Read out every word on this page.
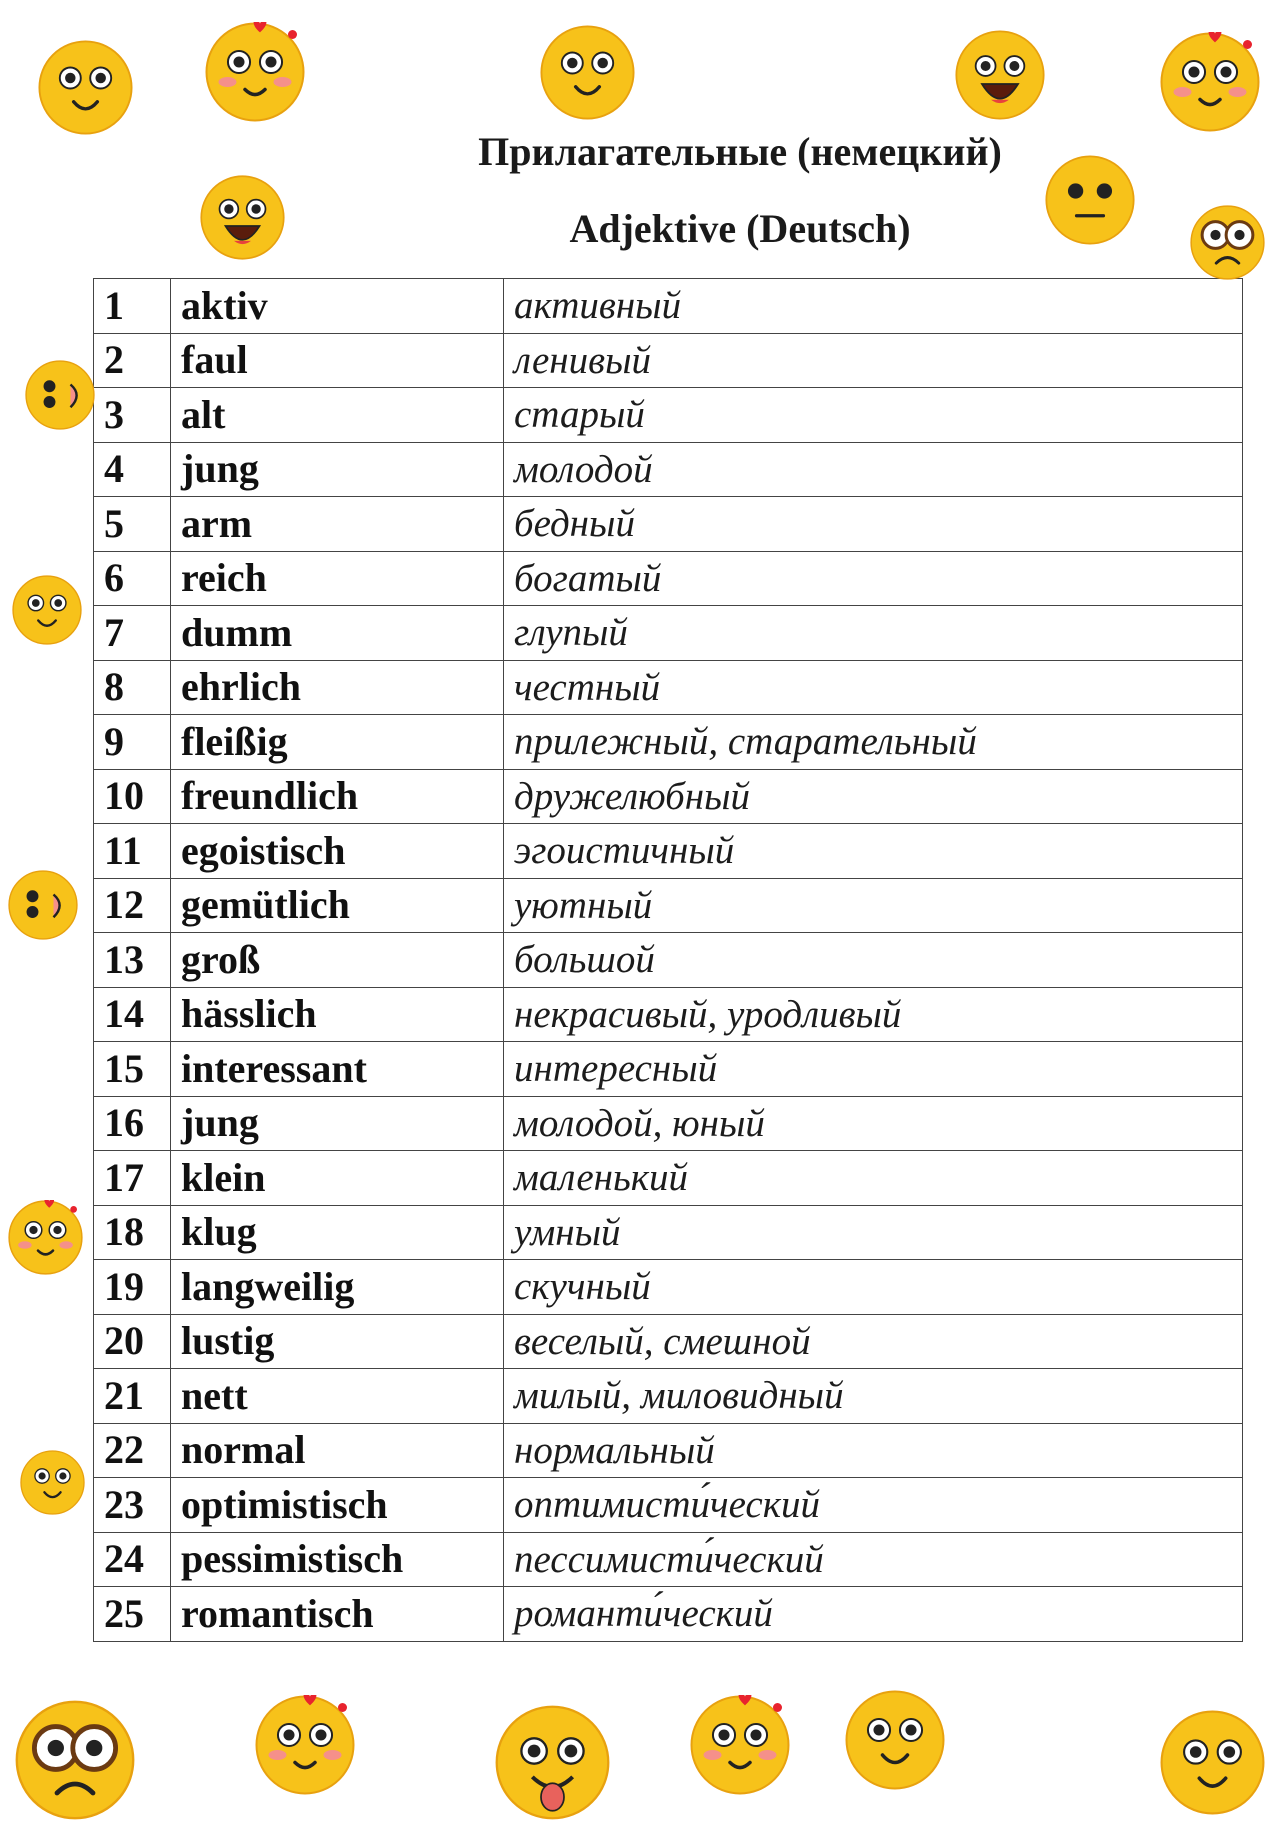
Прилагательные (немецкий)
Adjektive (Deutsch)
1	aktiv	активный
2	faul	ленивый
3	alt	старый
4	jung	молодой
5	arm	бедный
6	reich	богатый
7	dumm	глупый
8	ehrlich	честный
9	fleißig	прилежный, старательный
10	freundlich	дружелюбный
11	egoistisch	эгоистичный
12	gemütlich	уютный
13	groß	большой
14	hässlich	некрасивый, уродливый
15	interessant	интересный
16	jung	молодой, юный
17	klein	маленький
18	klug	умный
19	langweilig	скучный
20	lustig	веселый, смешной
21	nett	милый, миловидный
22	normal	нормальный
23	optimistisch	оптимисти́ческий
24	pessimistisch	пессимисти́ческий
25	romantisch	романти́ческий
